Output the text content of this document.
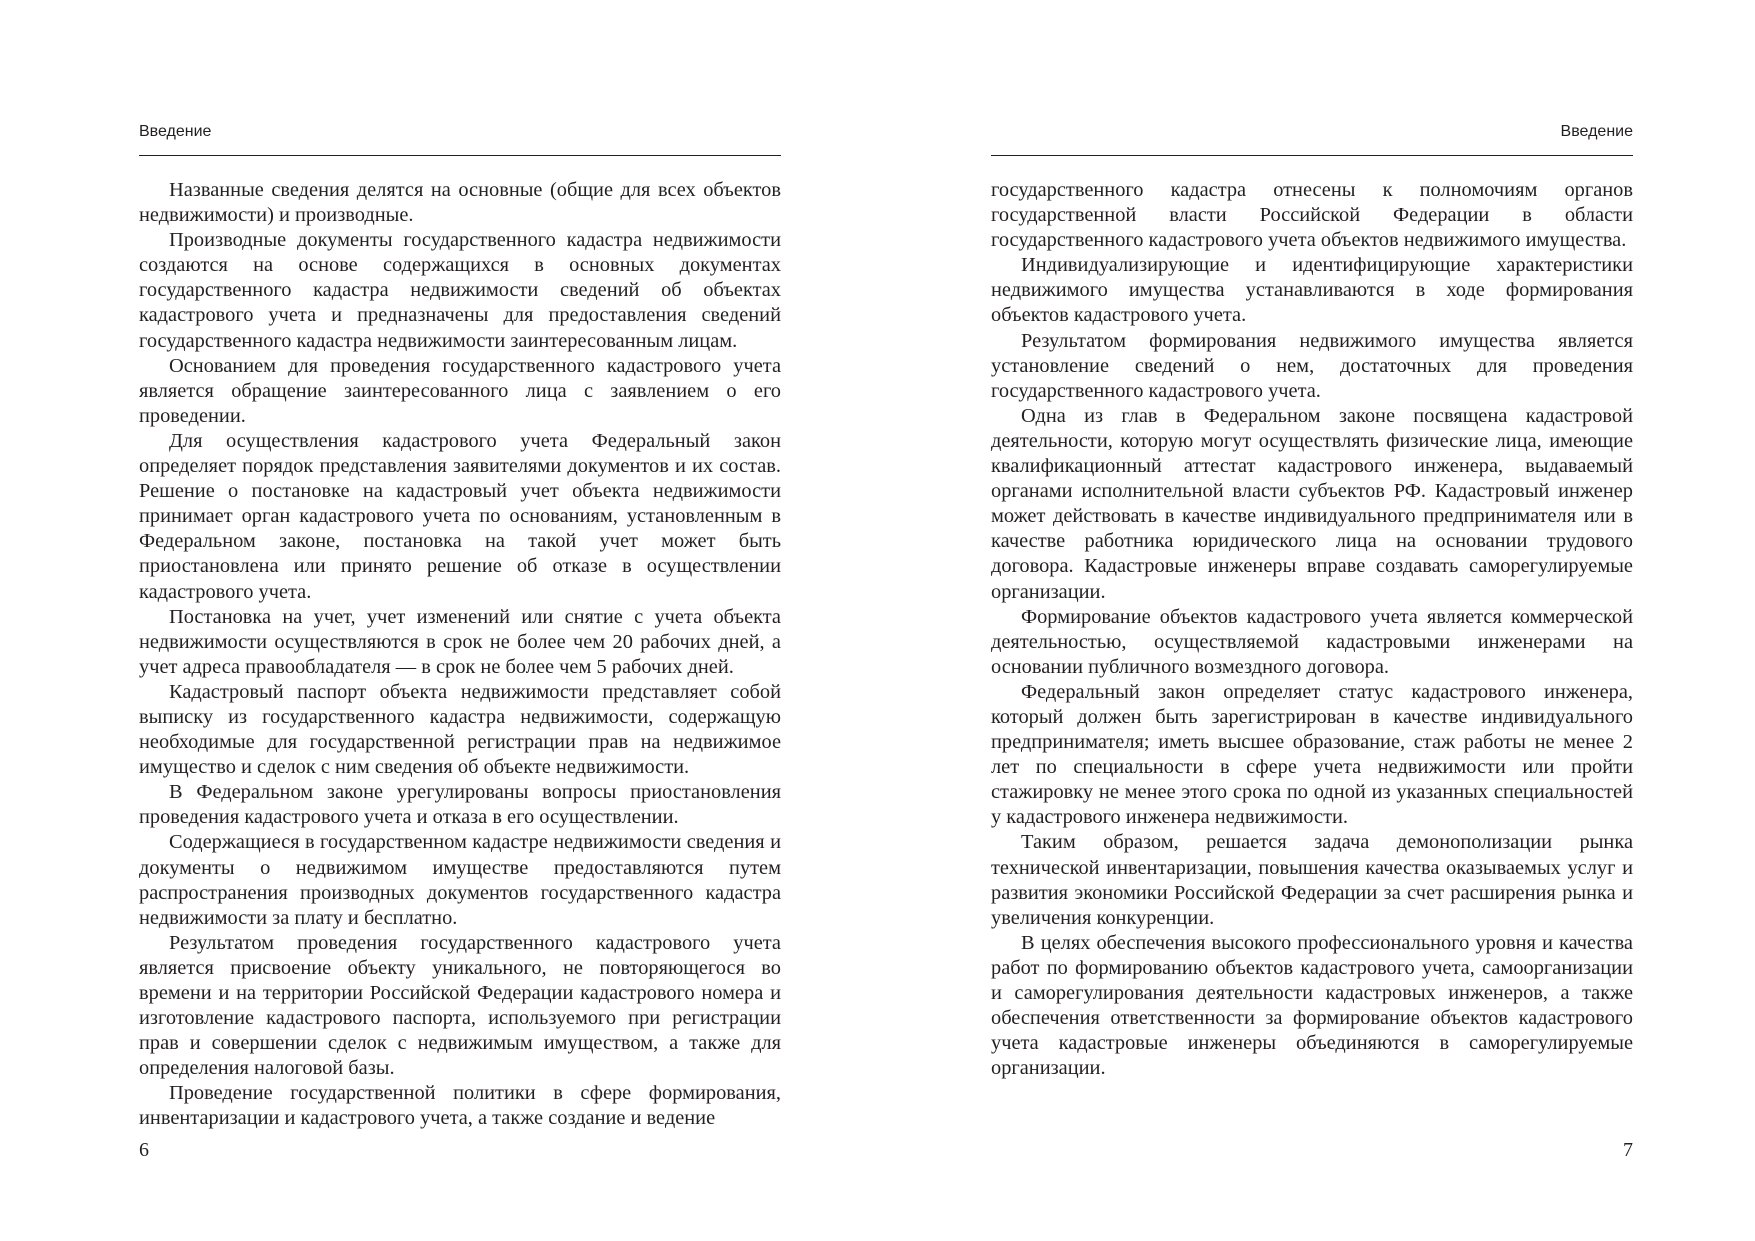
Введение

Названные сведения делятся на основные (общие для всех объектов недвижимости) и производные.

Производные документы государственного кадастра недвижимости создаются на основе содержащихся в основных документах государственного кадастра недвижимости сведений об объектах кадастрового учета и предназначены для предоставления сведений государственного кадастра недвижимости заинтересованным лицам.

Основанием для проведения государственного кадастрового учета является обращение заинтересованного лица с заявлением о его проведении.

Для осуществления кадастрового учета Федеральный закон определяет порядок представления заявителями документов и их состав. Решение о постановке на кадастровый учет объекта недвижимости принимает орган кадастрового учета по основаниям, установленным в Федеральном законе, постановка на такой учет может быть приостановлена или принято решение об отказе в осуществлении кадастрового учета.

Постановка на учет, учет изменений или снятие с учета объекта недвижимости осуществляются в срок не более чем 20 рабочих дней, а учет адреса правообладателя — в срок не более чем 5 рабочих дней.

Кадастровый паспорт объекта недвижимости представляет собой выписку из государственного кадастра недвижимости, содержащую необходимые для государственной регистрации прав на недвижимое имущество и сделок с ним сведения об объекте недвижимости.

В Федеральном законе урегулированы вопросы приостановления проведения кадастрового учета и отказа в его осуществлении.

Содержащиеся в государственном кадастре недвижимости сведения и документы о недвижимом имуществе предоставляются путем распространения производных документов государственного кадастра недвижимости за плату и бесплатно.

Результатом проведения государственного кадастрового учета является присвоение объекту уникального, не повторяющегося во времени и на территории Российской Федерации кадастрового номера и изготовление кадастрового паспорта, используемого при регистрации прав и совершении сделок с недвижимым имуществом, а также для определения налоговой базы.

Проведение государственной политики в сфере формирования, инвентаризации и кадастрового учета, а также создание и ведение

6
Введение

государственного кадастра отнесены к полномочиям органов государственной власти Российской Федерации в области государственного кадастрового учета объектов недвижимого имущества.

Индивидуализирующие и идентифицирующие характеристики недвижимого имущества устанавливаются в ходе формирования объектов кадастрового учета.

Результатом формирования недвижимого имущества является установление сведений о нем, достаточных для проведения государственного кадастрового учета.

Одна из глав в Федеральном законе посвящена кадастровой деятельности, которую могут осуществлять физические лица, имеющие квалификационный аттестат кадастрового инженера, выдаваемый органами исполнительной власти субъектов РФ. Кадастровый инженер может действовать в качестве индивидуального предпринимателя или в качестве работника юридического лица на основании трудового договора. Кадастровые инженеры вправе создавать саморегулируемые организации.

Формирование объектов кадастрового учета является коммерческой деятельностью, осуществляемой кадастровыми инженерами на основании публичного возмездного договора.

Федеральный закон определяет статус кадастрового инженера, который должен быть зарегистрирован в качестве индивидуального предпринимателя; иметь высшее образование, стаж работы не менее 2 лет по специальности в сфере учета недвижимости или пройти стажировку не менее этого срока по одной из указанных специальностей у кадастрового инженера недвижимости.

Таким образом, решается задача демонополизации рынка технической инвентаризации, повышения качества оказываемых услуг и развития экономики Российской Федерации за счет расширения рынка и увеличения конкуренции.

В целях обеспечения высокого профессионального уровня и качества работ по формированию объектов кадастрового учета, самоорганизации и саморегулирования деятельности кадастровых инженеров, а также обеспечения ответственности за формирование объектов кадастрового учета кадастровые инженеры объединяются в саморегулируемые организации.

7
